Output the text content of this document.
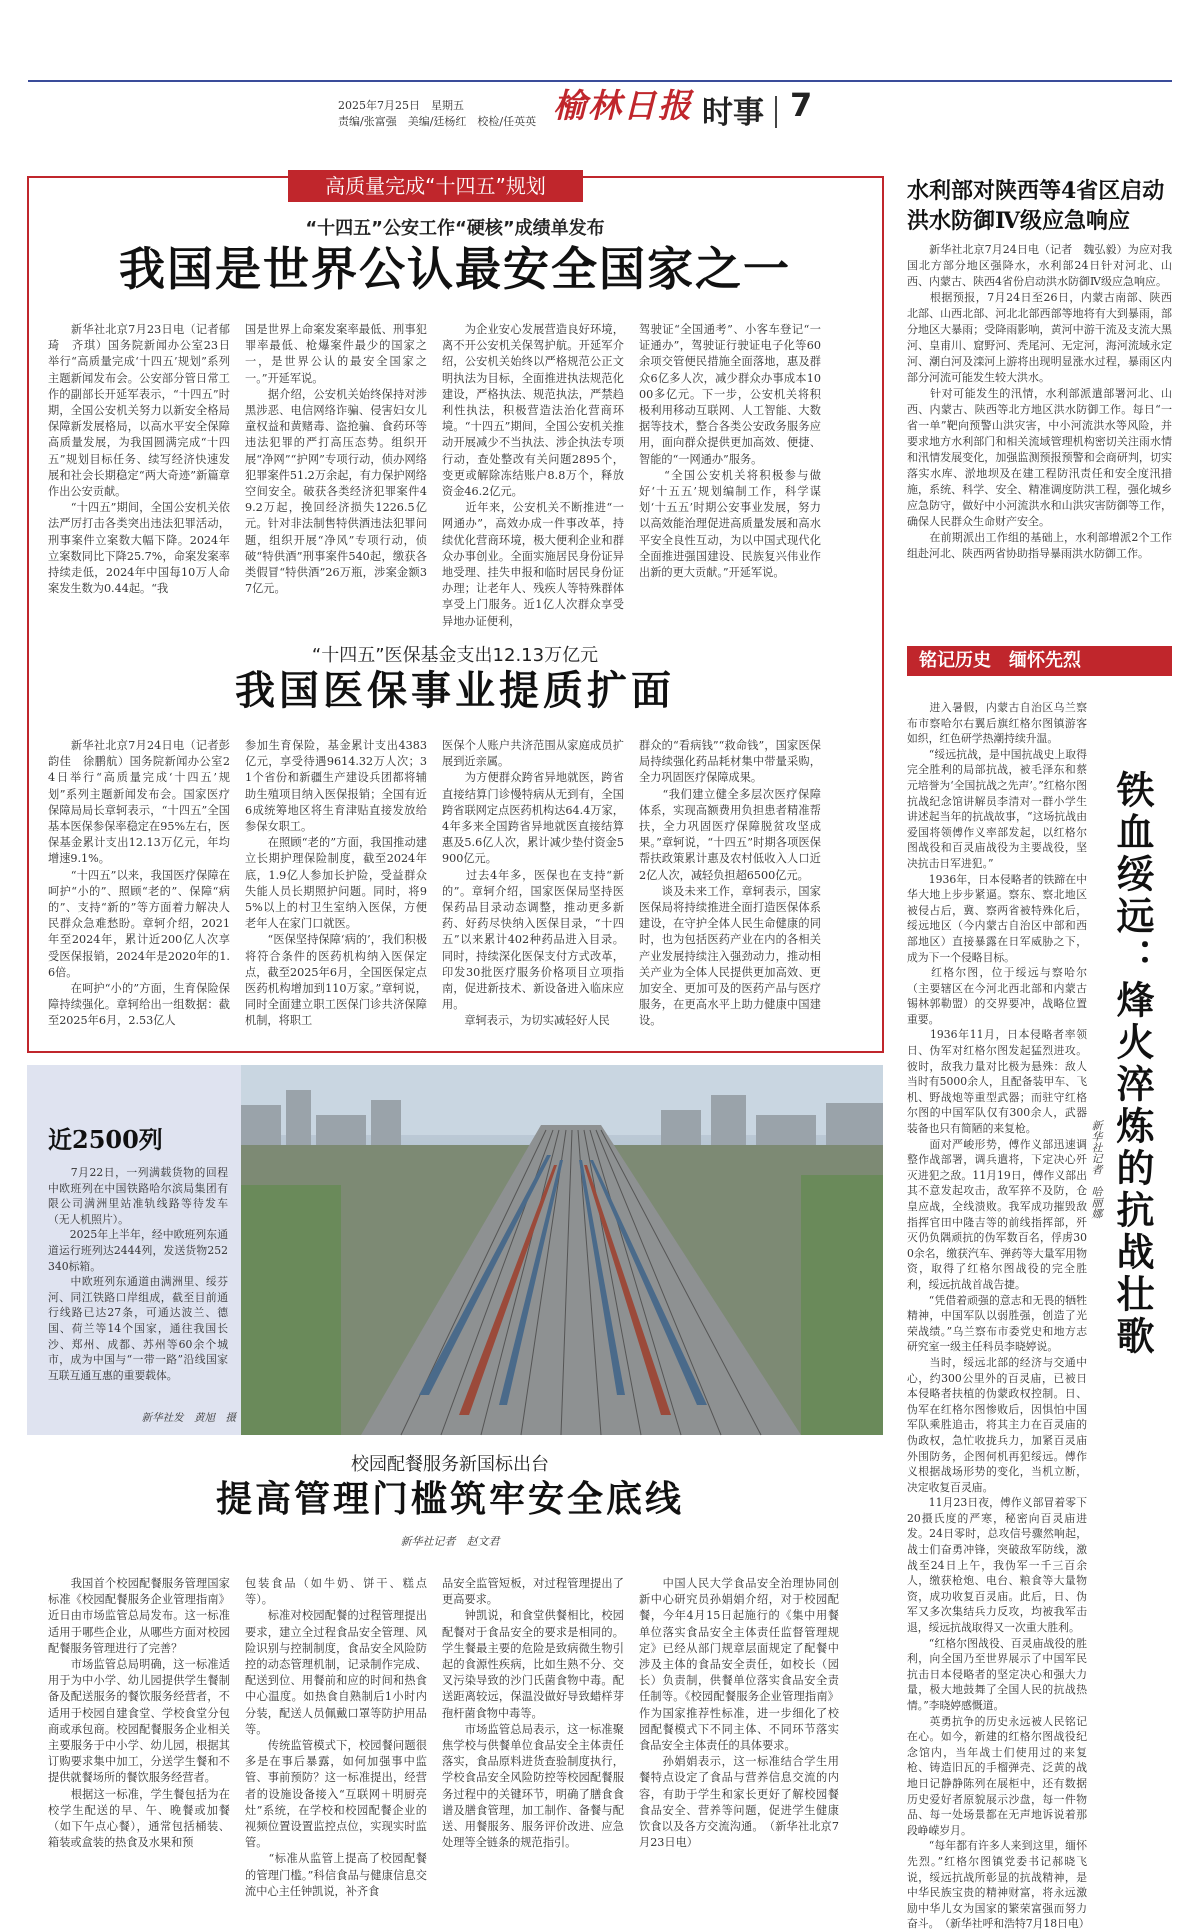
2025年7月25日　星期五
责编/张富强　美编/廷杨红　校检/任英英 榆林日报 时事 7
高质量完成“十四五”规划
“十四五”公安工作“硬核”成绩单发布
我国是世界公认最安全国家之一
　　新华社北京7月23日电（记者郁琦　齐琪）国务院新闻办公室23日举行“高质量完成‘十四五’规划”系列主题新闻发布会。公安部分管日常工作的副部长开延军表示，“十四五”时期，全国公安机关努力以新安全格局保障新发展格局，以高水平安全保障高质量发展，为我国圆满完成“十四五”规划目标任务、续写经济快速发展和社会长期稳定“两大奇迹”新篇章作出公安贡献。
　　“十四五”期间，全国公安机关依法严厉打击各类突出违法犯罪活动，刑事案件立案数大幅下降。2024年立案数同比下降25.7%，命案发案率持续走低，2024年中国每10万人命案发生数为0.44起。“我
国是世界上命案发案率最低、刑事犯罪率最低、枪爆案件最少的国家之一，是世界公认的最安全国家之一。”开延军说。
　　据介绍，公安机关始终保持对涉黑涉恶、电信网络诈骗、侵害妇女儿童权益和黄赌毒、盗抢骗、食药环等违法犯罪的严打高压态势。组织开展“净网”“护网”专项行动，侦办网络犯罪案件51.2万余起，有力保护网络空间安全。破获各类经济犯罪案件49.2万起，挽回经济损失1226.5亿元。针对非法制售特供酒违法犯罪问题，组织开展“净风”专项行动，侦破“特供酒”刑事案件540起，缴获各类假冒“特供酒”26万瓶，涉案金额37亿元。
　　为企业安心发展营造良好环境，离不开公安机关保驾护航。开延军介绍，公安机关始终以严格规范公正文明执法为目标，全面推进执法规范化建设，严格执法、规范执法，严禁趋利性执法，积极营造法治化营商环境。“十四五”期间，全国公安机关推动开展减少不当执法、涉企执法专项行动，查处整改有关问题2895个，变更或解除冻结账户8.8万个，释放资金46.2亿元。
　　近年来，公安机关不断推进“一网通办”，高效办成一件事改革，持续优化营商环境，极大便利企业和群众办事创业。全面实施居民身份证异地受理、挂失申报和临时居民身份证办理；让老年人、残疾人等特殊群体享受上门服务。近1亿人次群众享受异地办证便利，
驾驶证“全国通考”、小客车登记“一证通办”，驾驶证行驶证电子化等60余项交管便民措施全面落地，惠及群众6亿多人次，减少群众办事成本1000多亿元。下一步，公安机关将积极利用移动互联网、人工智能、大数据等技术，整合各类公安政务服务应用，面向群众提供更加高效、便捷、智能的“一网通办”服务。
　　“全国公安机关将积极参与做好‘十五五’规划编制工作，科学谋划‘十五五’时期公安事业发展，努力以高效能治理促进高质量发展和高水平安全良性互动，为以中国式现代化全面推进强国建设、民族复兴伟业作出新的更大贡献。”开延军说。
“十四五”医保基金支出12.13万亿元
我国医保事业提质扩面
　　新华社北京7月24日电（记者彭韵佳　徐鹏航）国务院新闻办公室24日举行“高质量完成‘十四五’规划”系列主题新闻发布会。国家医疗保障局局长章轲表示，“十四五”全国基本医保参保率稳定在95%左右，医保基金累计支出12.13万亿元，年均增速9.1%。
　　“十四五”以来，我国医疗保障在呵护“小的”、照顾“老的”、保障“病的”、支持“新的”等方面着力解决人民群众急难愁盼。章轲介绍，2021年至2024年，累计近200亿人次享受医保报销，2024年是2020年的1.6倍。
　　在呵护“小的”方面，生育保险保障持续强化。章轲给出一组数据：截至2025年6月，2.53亿人
参加生育保险，基金累计支出4383亿元，享受待遇9614.32万人次；31个省份和新疆生产建设兵团都将辅助生殖项目纳入医保报销；全国有近6成统筹地区将生育津贴直接发放给参保女职工。
　　在照顾“老的”方面，我国推动建立长期护理保险制度，截至2024年底，1.9亿人参加长护险，受益群众失能人员长期照护问题。同时，将95%以上的村卫生室纳入医保，方便老年人在家门口就医。
　　“医保坚持保障‘病的’，我们积极将符合条件的医药机构纳入医保定点，截至2025年6月，全国医保定点医药机构增加到110万家。”章轲说，同时全面建立职工医保门诊共济保障机制，将职工
医保个人账户共济范围从家庭成员扩展到近亲属。
　　为方便群众跨省异地就医，跨省直接结算门诊慢特病从无到有，全国跨省联网定点医药机构达64.4万家，4年多来全国跨省异地就医直接结算惠及5.6亿人次，累计减少垫付资金5900亿元。
　　过去4年多，医保也在支持“新的”。章轲介绍，国家医保局坚持医保药品目录动态调整，推动更多新药、好药尽快纳入医保目录，“十四五”以来累计402种药品进入目录。同时，持续深化医保支付方式改革，印发30批医疗服务价格项目立项指南，促进新技术、新设备进入临床应用。
　　章轲表示，为切实减轻好人民
群众的“看病钱”“救命钱”，国家医保局持续强化药品耗材集中带量采购，全力巩固医疗保障成果。
　　“我们建立健全多层次医疗保障体系，实现高额费用负担患者精准帮扶，全力巩固医疗保障脱贫攻坚成果。”章轲说，“十四五”时期各项医保帮扶政策累计惠及农村低收入人口近2亿人次，减轻负担超6500亿元。
　　谈及未来工作，章轲表示，国家医保局将持续推进全面打造医保体系建设，在守护全体人民生命健康的同时，也为包括医药产业在内的各相关产业发展持续注入强劲动力，推动相关产业为全体人民提供更加高效、更加安全、更加可及的医药产品与医疗服务，在更高水平上助力健康中国建设。
近2500列
　　7月22日，一列满载货物的回程中欧班列在中国铁路哈尔滨局集团有限公司满洲里站准轨线路等待发车（无人机照片）。
　　2025年上半年，经中欧班列东通道运行班列达2444列，发送货物252340标箱。
　　中欧班列东通道由满洲里、绥芬河、同江铁路口岸组成，截至目前通行线路已达27条，可通达波兰、德国、荷兰等14个国家，通往我国长沙、郑州、成都、苏州等60余个城市，成为中国与“一带一路”沿线国家互联互通互惠的重要载体。
新华社发　黄旭　摄
校园配餐服务新国标出台
提高管理门槛筑牢安全底线
新华社记者　赵文君
　　我国首个校园配餐服务管理国家标准《校园配餐服务企业管理指南》近日由市场监管总局发布。这一标准适用于哪些企业，从哪些方面对校园配餐服务管理进行了完善？
　　市场监管总局明确，这一标准适用于为中小学、幼儿园提供学生餐制备及配送服务的餐饮服务经营者，不适用于校园自建食堂、学校食堂分包商或承包商。校园配餐服务企业相关主要服务于中小学、幼儿园，根据其订购要求集中加工，分送学生餐和不提供就餐场所的餐饮服务经营者。
　　根据这一标准，学生餐包括为在校学生配送的早、午、晚餐或加餐（如下午点心餐），通常包括桶装、箱装或盒装的热食及水果和预
包装食品（如牛奶、饼干、糕点等）。
　　标准对校园配餐的过程管理提出要求，建立全过程食品安全管理、风险识别与控制制度，食品安全风险防控的动态管理机制，记录制作完成、配送到位、用餐前和应的时间和热食中心温度。如热食自熟制后1小时内分装，配送人员佩戴口罩等防护用品等。
　　传统监管模式下，校园餐问题很多是在事后暴露，如何加强事中监管、事前预防？这一标准提出，经营者的设施设备接入“互联网＋明厨亮灶”系统，在学校和校园配餐企业的视频位置设置监控点位，实现实时监管。
　　“标准从监管上提高了校园配餐的管理门槛。”科信食品与健康信息交流中心主任钟凯说，补齐食
品安全监管短板，对过程管理提出了更高要求。
　　钟凯说，和食堂供餐相比，校园配餐对于食品安全的要求是相同的。学生餐最主要的危险是致病微生物引起的食源性疾病，比如生熟不分、交叉污染导致的沙门氏菌食物中毒。配送距离较远，保温没做好导致蜡样芽孢杆菌食物中毒等。
　　市场监管总局表示，这一标准聚焦学校与供餐单位食品安全主体责任落实，食品原料进货查验制度执行，学校食品安全风险防控等校园配餐服务过程中的关键环节，明确了膳食食谱及膳食管理，加工制作、备餐与配送、用餐服务、服务评价改进、应急处理等全链条的规范指引。
　　中国人民大学食品安全治理协同创新中心研究员孙娟娟介绍，对于校园配餐，今年4月15日起施行的《集中用餐单位落实食品安全主体责任监督管理规定》已经从部门规章层面规定了配餐中涉及主体的食品安全责任，如校长（园长）负责制，供餐单位落实食品安全责任制等。《校园配餐服务企业管理指南》作为国家推荐性标准，进一步细化了校园配餐模式下不同主体、不同环节落实食品安全主体责任的具体要求。
　　孙娟娟表示，这一标准结合学生用餐特点设定了食品与营养信息交流的内容，有助于学生和家长更好了解校园餐食品安全、营养等问题，促进学生健康饮食以及各方交流沟通。　（新华社北京7月23日电）
水利部对陕西等4省区启动洪水防御Ⅳ级应急响应
　　新华社北京7月24日电（记者　魏弘毅）为应对我国北方部分地区强降水，水利部24日针对河北、山西、内蒙古、陕西4省份启动洪水防御Ⅳ级应急响应。
　　根据预报，7月24日至26日，内蒙古南部、陕西北部、山西北部、河北北部西部等地将有大到暴雨，部分地区大暴雨；受降雨影响，黄河中游干流及支流大黑河、皇甫川、窟野河、秃尾河、无定河，海河流域永定河、潮白河及滦河上游将出现明显涨水过程，暴雨区内部分河流可能发生较大洪水。
　　针对可能发生的汛情，水利部派遣部署河北、山西、内蒙古、陕西等北方地区洪水防御工作。每日“一省一单”靶向预警山洪灾害，中小河流洪水等风险，并要求地方水利部门和相关流域管理机构密切关注雨水情和汛情发展变化，加强监测预报预警和会商研判，切实落实水库、淤地坝及在建工程防汛责任和安全度汛措施，系统、科学、安全、精准调度防洪工程，强化城乡应急防守，做好中小河流洪水和山洪灾害防御等工作，确保人民群众生命财产安全。
　　在前期派出工作组的基础上，水利部增派2个工作组赴河北、陕西两省协助指导暴雨洪水防御工作。
铭记历史　缅怀先烈
　　进入暑假，内蒙古自治区乌兰察布市察哈尔右翼后旗红格尔图镇游客如织，红色研学热潮持续升温。
　　“绥远抗战，是中国抗战史上取得完全胜利的局部抗战，被毛泽东和蔡元培誉为‘全国抗战之先声’。”红格尔图抗战纪念馆讲解员李清对一群小学生讲述起当年的抗战故事，“这场抗战由爱国将领傅作义率部发起，以红格尔图战役和百灵庙战役为主要战役，坚决抗击日军进犯。”
　　1936年，日本侵略者的铁蹄在中华大地上步步紧逼。察东、察北地区被侵占后，冀、察两省被特殊化后，绥远地区（今内蒙古自治区中部和西部地区）直接暴露在日军威胁之下，成为下一个侵略目标。
　　红格尔图，位于绥远与察哈尔（主要辖区在今河北西北部和内蒙古锡林郭勒盟）的交界要冲，战略位置重要。
　　1936年11月，日本侵略者率领日、伪军对红格尔图发起猛烈进攻。彼时，敌我力量对比极为悬殊：敌人当时有5000余人，且配备装甲车、飞机、野战炮等重型武器；而驻守红格尔图的中国军队仅有300余人，武器装备也只有简陋的来复枪。
　　面对严峻形势，傅作义部迅速调整作战部署，调兵遣将，下定决心歼灭进犯之敌。11月19日，傅作义部出其不意发起攻击，敌军猝不及防，仓皇应战，全线溃败。我军成功摧毁敌指挥官田中隆吉等的前线指挥部，歼灭仍负隅顽抗的伪军数百名，俘虏300余名，缴获汽车、弹药等大量军用物资，取得了红格尔图战役的完全胜利，绥远抗战首战告捷。
　　“凭借着顽强的意志和无畏的牺牲精神，中国军队以弱胜强，创造了光荣战绩。”乌兰察布市委党史和地方志研究室一级主任科员李晓婷说。
　　当时，绥远北部的经济与交通中心，约300公里外的百灵庙，已被日本侵略者扶植的伪蒙政权控制。日、伪军在红格尔图惨败后，因惧怕中国军队乘胜追击，将其主力在百灵庙的伪政权，急忙收拢兵力，加紧百灵庙外围防务，企图何机再犯绥远。傅作义根据战场形势的变化，当机立断，决定收复百灵庙。
　　11月23日夜，傅作义部冒着零下20摄氏度的严寒，秘密向百灵庙进发。24日零时，总攻信号骤然响起，战士们奋勇冲锋，突破敌军防线，激战至24日上午，我伪军一千三百余人，缴获枪炮、电台、粮食等大量物资，成功收复百灵庙。此后，日、伪军又多次集结兵力反攻，均被我军击退，绥远抗战取得又一次重大胜利。
　　“红格尔图战役、百灵庙战役的胜利，向全国乃至世界展示了中国军民抗击日本侵略者的坚定决心和强大力量，极大地鼓舞了全国人民的抗战热情。”李晓婷感慨道。
　　英勇抗争的历史永远被人民铭记在心。如今，新建的红格尔图战役纪念馆内，当年战士们使用过的来复枪、铸造旧瓦的手榴弹壳、泛黄的战地日记静静陈列在展柜中，还有数据历史爱好者原貌展示沙盘，每一件物品、每一处场景都在无声地诉说着那段峥嵘岁月。
　　“每年都有许多人来到这里，缅怀先烈。”红格尔图镇党委书记郝晓飞说，绥远抗战所彰显的抗战精神，是中华民族宝贵的精神财富，将永远激励中华儿女为国家的繁荣富强而努力奋斗。　（新华社呼和浩特7月18日电）
铁血绥远：烽火淬炼的抗战壮歌
新华社记者　哈丽娜
